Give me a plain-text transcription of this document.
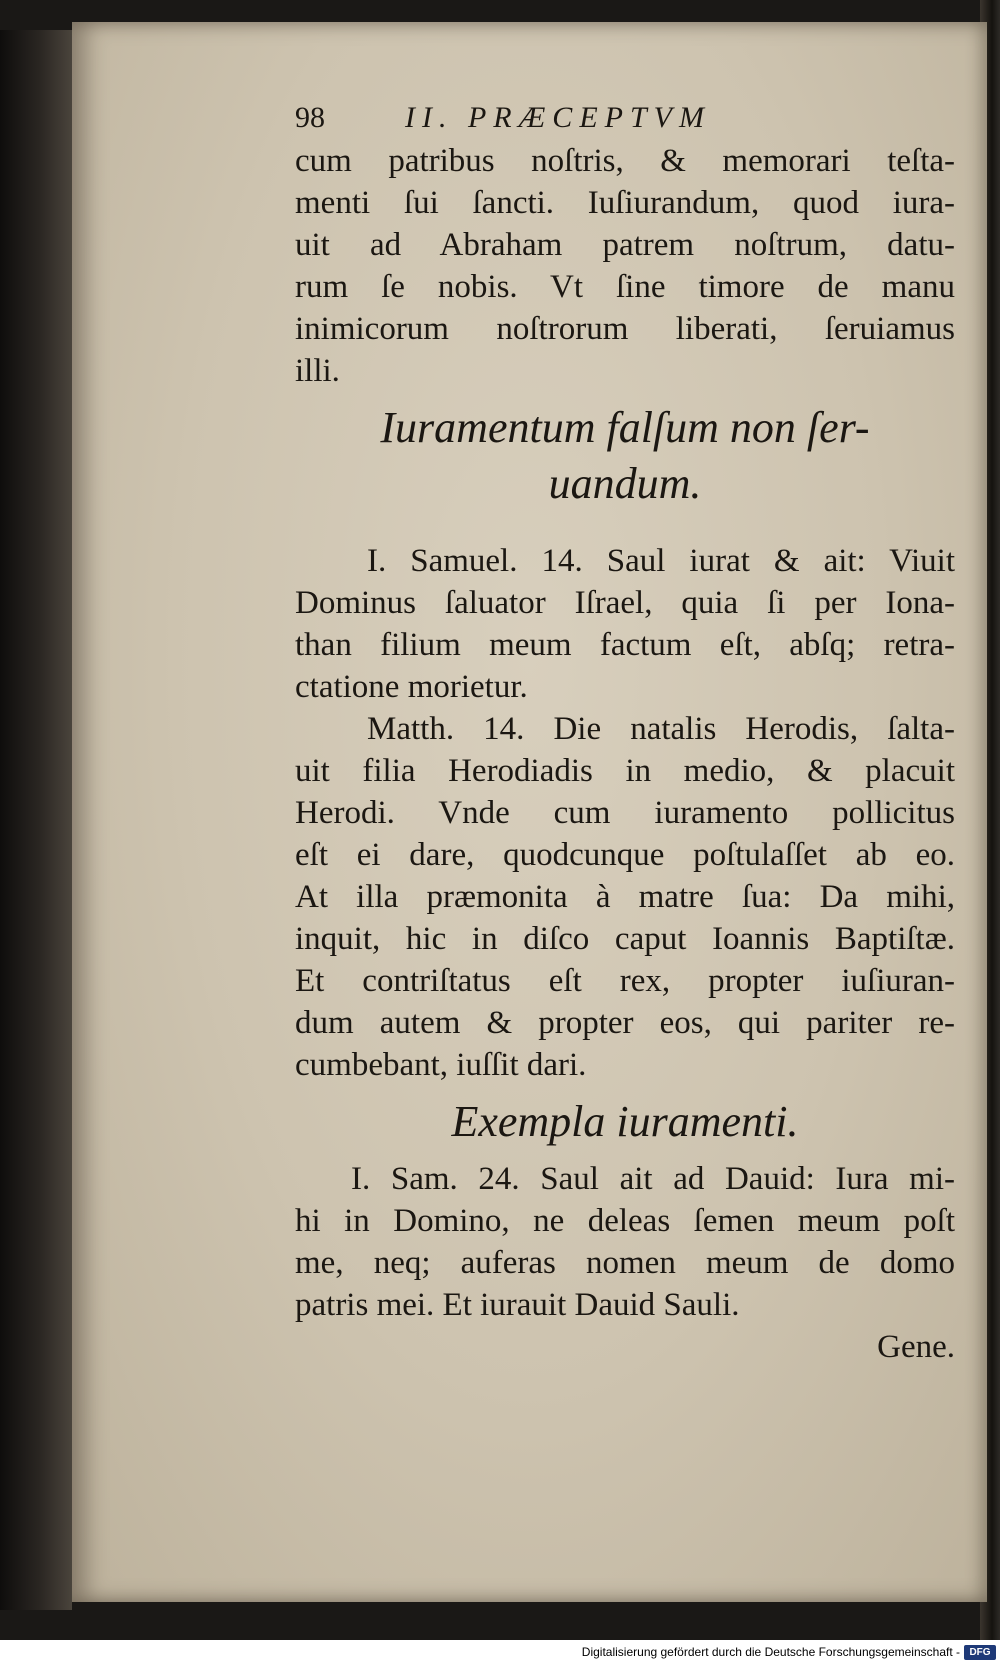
98	II. PRÆCEPTVM
cum patribus noſtris, & memorari teſta-
menti ſui ſancti. Iuſiurandum, quod iura-
uit ad Abraham patrem noſtrum, datu-
rum ſe nobis. Vt ſine timore de manu
inimicorum noſtrorum liberati, ſeruiamus
illi.
Iuramentum falſum non ſer-
uandum.
I. Samuel. 14. Saul iurat & ait: Viuit
Dominus ſaluator Iſrael, quia ſi per Iona-
than filium meum factum eſt, abſq; retra-
ctatione morietur.
Matth. 14. Die natalis Herodis, ſalta-
uit filia Herodiadis in medio, & placuit
Herodi. Vnde cum iuramento pollicitus
eſt ei dare, quodcunque poſtulaſſet ab eo.
At illa præmonita à matre ſua: Da mihi,
inquit, hic in diſco caput Ioannis Baptiſtæ.
Et contriſtatus eſt rex, propter iuſiuran-
dum autem & propter eos, qui pariter re-
cumbebant, iuſſit dari.
Exempla iuramenti.
I. Sam. 24. Saul ait ad Dauid: Iura mi-
hi in Domino, ne deleas ſemen meum poſt
me, neq; auferas nomen meum de domo
patris mei. Et iurauit Dauid Sauli.
Gene.
Digitalisierung gefördert durch die Deutsche Forschungsgemeinschaft - DFG
